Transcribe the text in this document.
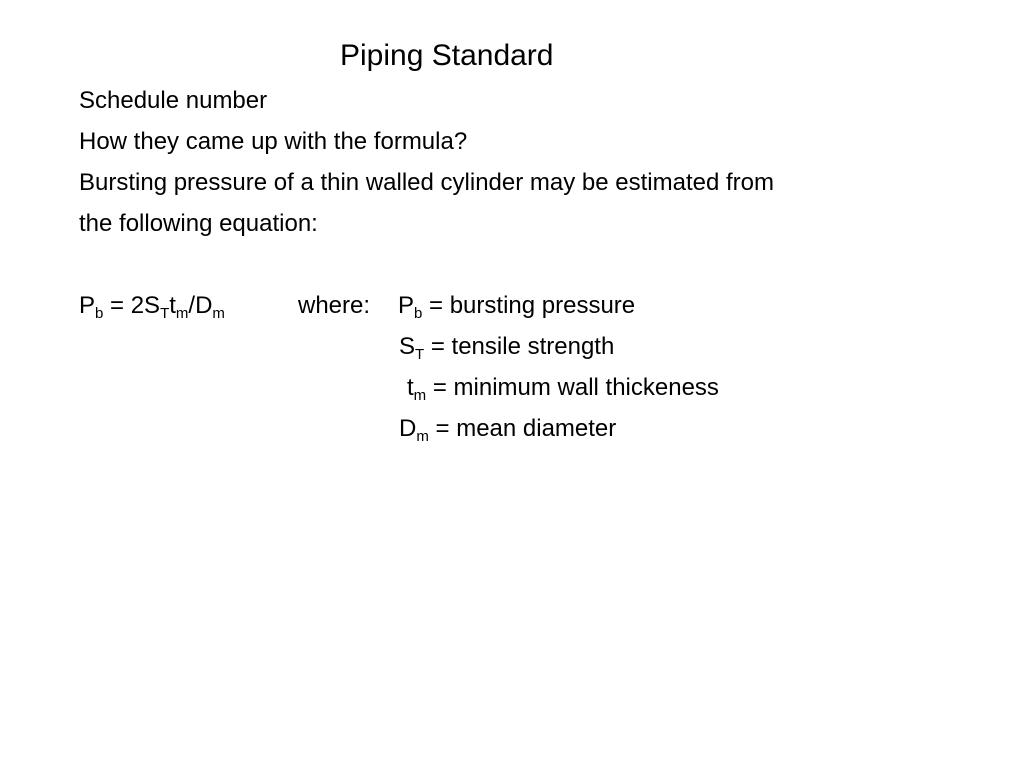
Piping Standard
Schedule number
How they came up with the formula?
Bursting pressure of a thin walled cylinder may be estimated from
the following equation:
$P_b = 2S_Tt_m/D_m$	where: $P_b$ = bursting pressure
$S_T$ = tensile strength
$t_m$ = minimum wall thickeness
$D_m$ = mean diameter
